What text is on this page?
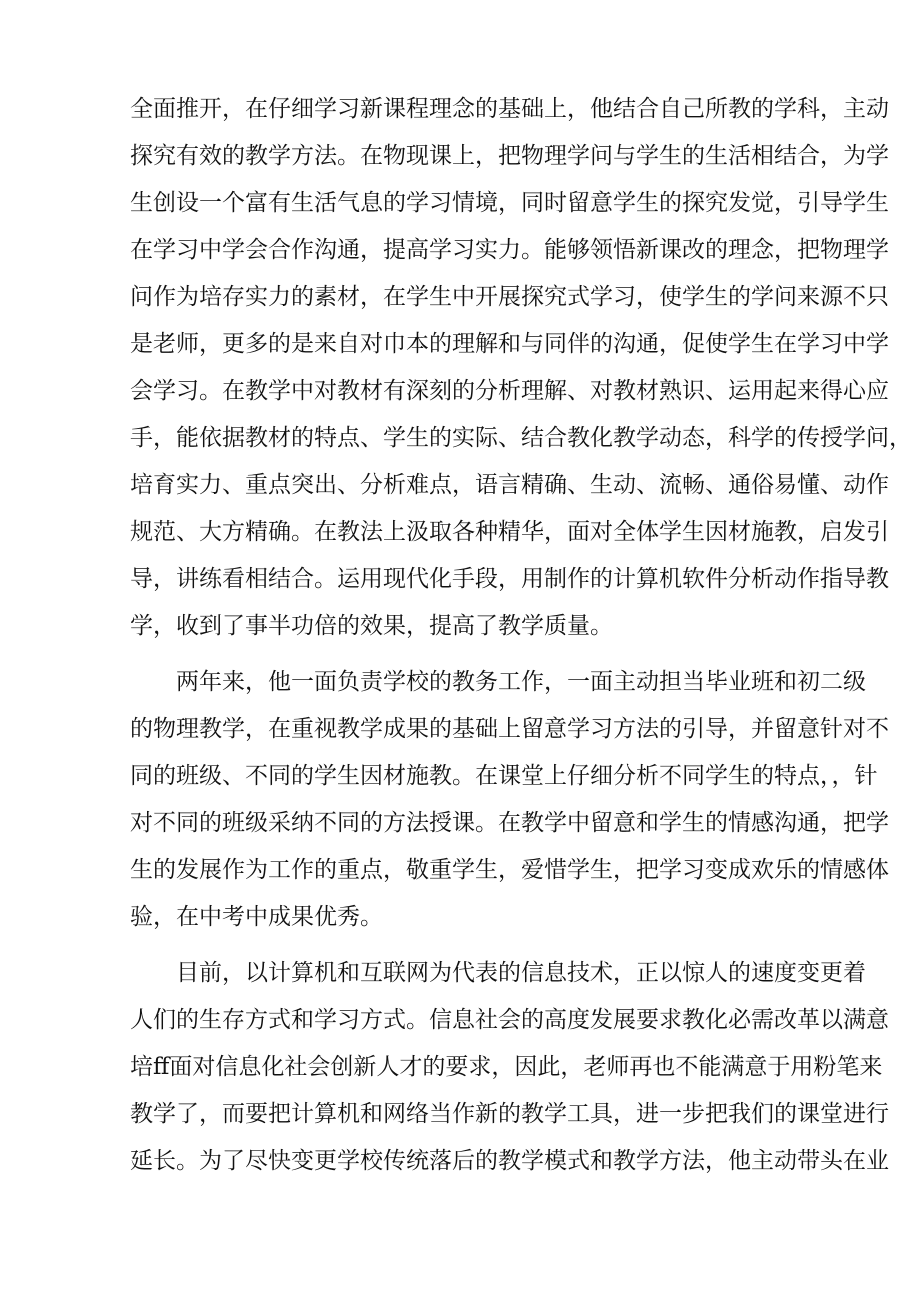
全面推开，在仔细学习新课程理念的基础上，他结合自己所教的学科，主动
探究有效的教学方法。在物现课上，把物理学问与学生的生活相结合，为学
生创设一个富有生活气息的学习情境，同时留意学生的探究发觉，引导学生
在学习中学会合作沟通，提高学习实力。能够领悟新课改的理念，把物理学
问作为培存实力的素材，在学生中开展探究式学习，使学生的学问来源不只
是老师，更多的是来自对巾本的理解和与同伴的沟通，促使学生在学习中学
会学习。在教学中对教材有深刻的分析理解、对教材熟识、运用起来得心应
手，能依据教材的特点、学生的实际、结合教化教学动态，科学的传授学问，
培育实力、重点突出、分析难点，语言精确、生动、流畅、通俗易懂、动作
规范、大方精确。在教法上汲取各种精华，面对全体学生因材施教，启发引
导，讲练看相结合。运用现代化手段，用制作的计算机软件分析动作指导教
学，收到了事半功倍的效果，提高了教学质量。
两年来，他一面负责学校的教务工作，一面主动担当毕业班和初二级
的物理教学，在重视教学成果的基础上留意学习方法的引导，并留意针对不
同的班级、不同的学生因材施教。在课堂上仔细分析不同学生的特点，，针
对不同的班级采纳不同的方法授课。在教学中留意和学生的情感沟通，把学
生的发展作为工作的重点，敬重学生，爱惜学生，把学习变成欢乐的情感体
验，在中考中成果优秀。
目前，以计算机和互联网为代表的信息技术，正以惊人的速度变更着
人们的生存方式和学习方式。信息社会的高度发展要求教化必需改革以满意
培ff面对信息化社会创新人才的要求，因此，老师再也不能满意于用粉笔来
教学了，而要把计算机和网络当作新的教学工具，进一步把我们的课堂进行
延长。为了尽快变更学校传统落后的教学模式和教学方法，他主动带头在业
